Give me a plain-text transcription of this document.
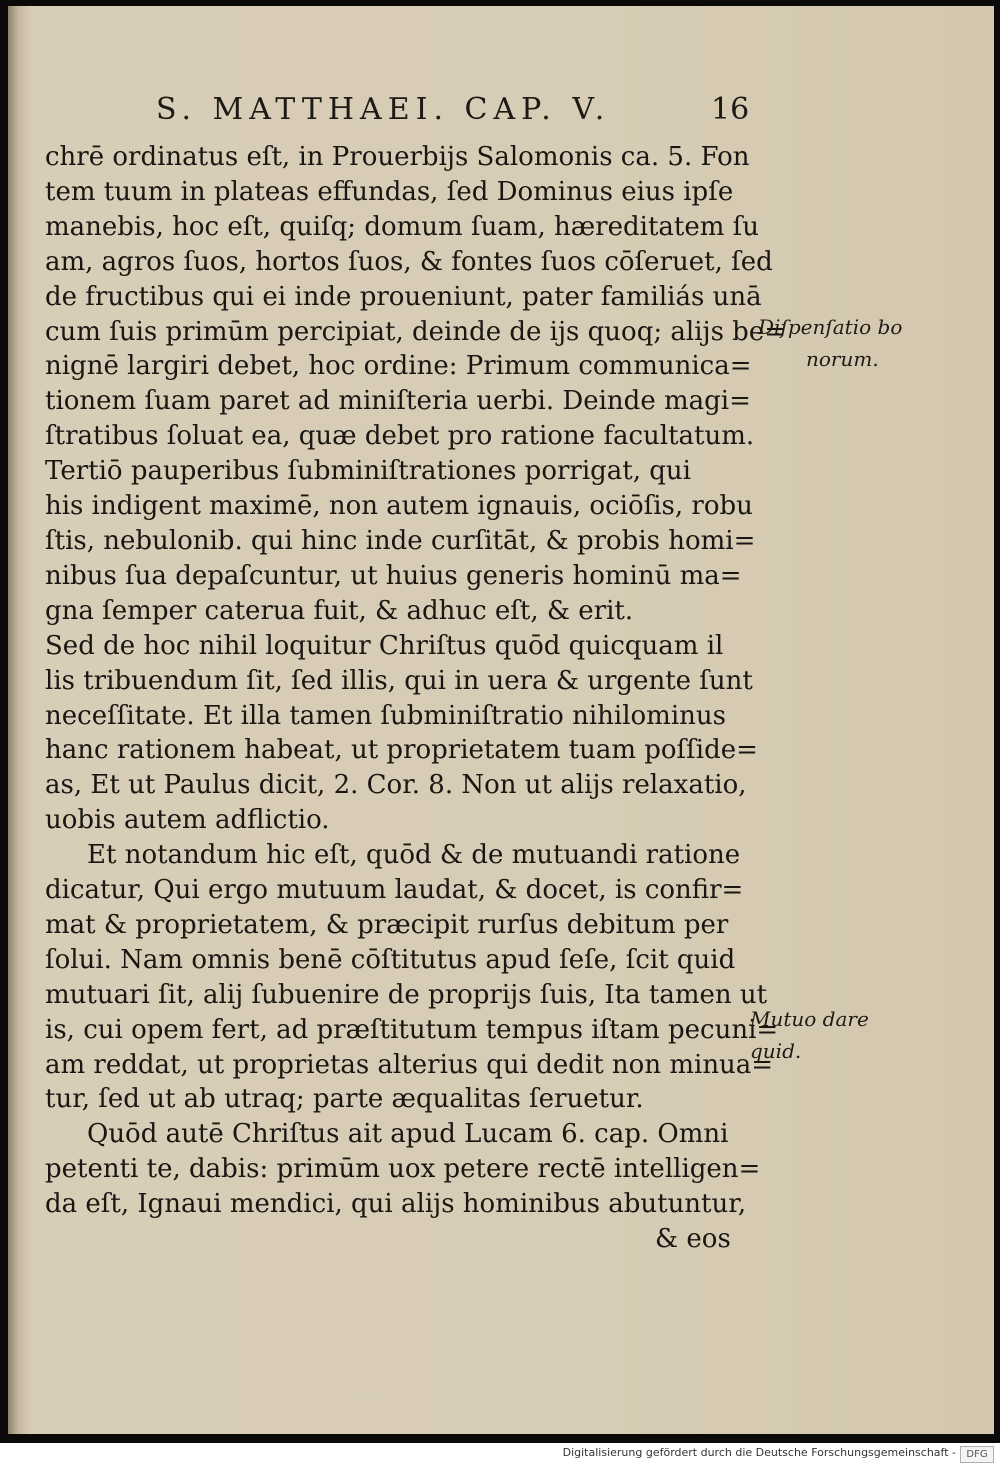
S. MATTHAEI. CAP. V.	16
chrē ordinatus eſt, in Prouerbijs Salomonis ca. 5. Fon
tem tuum in plateas effundas, ſed Dominus eius ipſe
manebis, hoc eſt, quiſq; domum ſuam, hæreditatem ſu
am, agros ſuos, hortos ſuos, & fontes ſuos cōſeruet, ſed
de fructibus qui ei inde proueniunt, pater familiás unā
cum ſuis primūm percipiat, deinde de ijs quoq; alijs be=
nignē largiri debet, hoc ordine: Primum communica=
tionem ſuam paret ad miniſteria uerbi. Deinde magi=
ſtratibus ſoluat ea, quæ debet pro ratione facultatum.
Tertiō pauperibus ſubminiſtrationes porrigat, qui
his indigent maximē, non autem ignauis, ociōſis, robu
ſtis, nebulonib. qui hinc inde curſitāt, & probis homi=
nibus ſua depaſcuntur, ut huius generis hominū ma=
gna ſemper caterua fuit, & adhuc eſt, & erit.
Sed de hoc nihil loquitur Chriſtus quōd quicquam il
lis tribuendum ſit, ſed illis, qui in uera & urgente ſunt
neceſſitate. Et illa tamen ſubminiſtratio nihilominus
hanc rationem habeat, ut proprietatem tuam poſſide=
as, Et ut Paulus dicit, 2. Cor. 8. Non ut alijs relaxatio,
uobis autem adflictio.
Et notandum hic eſt, quōd & de mutuandi ratione
dicatur, Qui ergo mutuum laudat, & docet, is confir=
mat & proprietatem, & præcipit rurſus debitum per
ſolui. Nam omnis benē cōſtitutus apud ſeſe, ſcit quid
mutuari ſit, alij ſubuenire de proprijs ſuis, Ita tamen ut
is, cui opem fert, ad præſtitutum tempus iſtam pecuni=
am reddat, ut proprietas alterius qui dedit non minua=
tur, ſed ut ab utraq; parte æqualitas ſeruetur.
Quōd autē Chriſtus ait apud Lucam 6. cap. Omni
petenti te, dabis: primūm uox petere rectē intelligen=
da eſt, Ignaui mendici, qui alijs hominibus abutuntur,
& eos
Diſpenſatio bo
norum.
Mutuo dare
quid.
Digitalisierung gefördert durch die Deutsche Forschungsgemeinschaft -	DFG
